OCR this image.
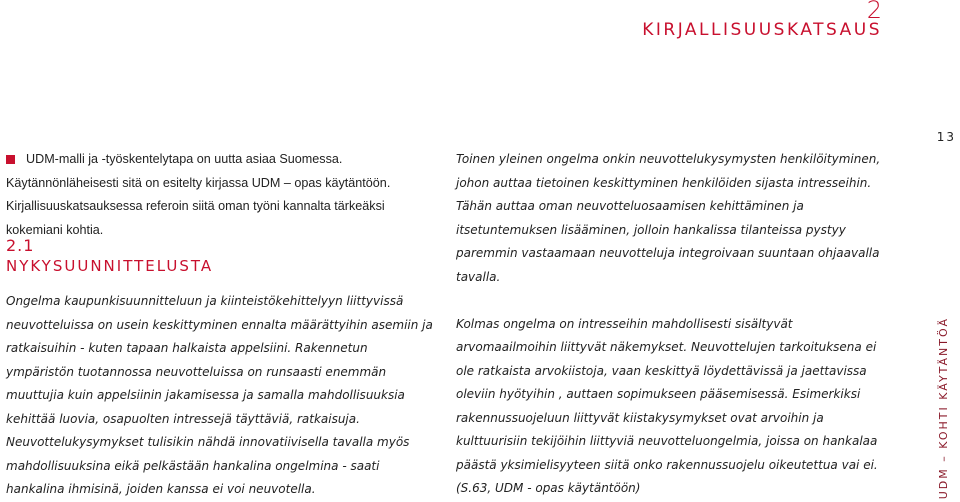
2
KIRJALLISUUSKATSAUS
13
UDM – KOHTI KÄYTÄNTÖÄ

UDM-malli ja -työskentelytapa on uutta asiaa Suomessa. Käytännönläheisesti sitä on esitelty kirjassa UDM – opas käytäntöön. Kirjallisuuskatsauksessa referoin siitä oman työni kannalta tärkeäksi kokemiani kohtia.

2.1
NYKYSUUNNITTELUSTA

Ongelma kaupunkisuunnitteluun ja kiinteistökehittelyyn liittyvissä neuvotteluissa on usein keskittyminen ennalta määrättyihin asemiin ja ratkaisuihin - kuten tapaan halkaista appelsiini. Rakennetun ympäristön tuotannossa neuvotteluissa on runsaasti enemmän muuttujia kuin appelsiinin jakamisessa ja samalla mahdollisuuksia kehittää luovia, osapuolten intressejä täyttäviä, ratkaisuja. Neuvottelukysymykset tulisikin nähdä innovatiivisella tavalla myös mahdollisuuksina eikä pelkästään hankalina ongelmina - saati hankalina ihmisinä, joiden kanssa ei voi neuvotella.

Toinen yleinen ongelma onkin neuvottelukysymysten henkilöityminen, johon auttaa tietoinen keskittyminen henkilöiden sijasta intresseihin. Tähän auttaa oman neuvotteluosaamisen kehittäminen ja itsetuntemuksen lisääminen, jolloin hankalissa tilanteissa pystyy paremmin vastaamaan neuvotteluja integroivaan suuntaan ohjaavalla tavalla.

Kolmas ongelma on intresseihin mahdollisesti sisältyvät arvomaailmoihin liittyvät näkemykset. Neuvottelujen tarkoituksena ei ole ratkaista arvokiistoja, vaan keskittyä löydettävissä ja jaettavissa oleviin hyötyihin , auttaen sopimukseen pääsemisessä. Esimerkiksi rakennussuojeluun liittyvät kiistakysymykset ovat arvoihin ja kulttuurisiin tekijöihin liittyviä neuvotteluongelmia, joissa on hankalaa päästä yksimielisyyteen siitä onko rakennussuojelu oikeutettua vai ei. (S.63, UDM - opas käytäntöön)
